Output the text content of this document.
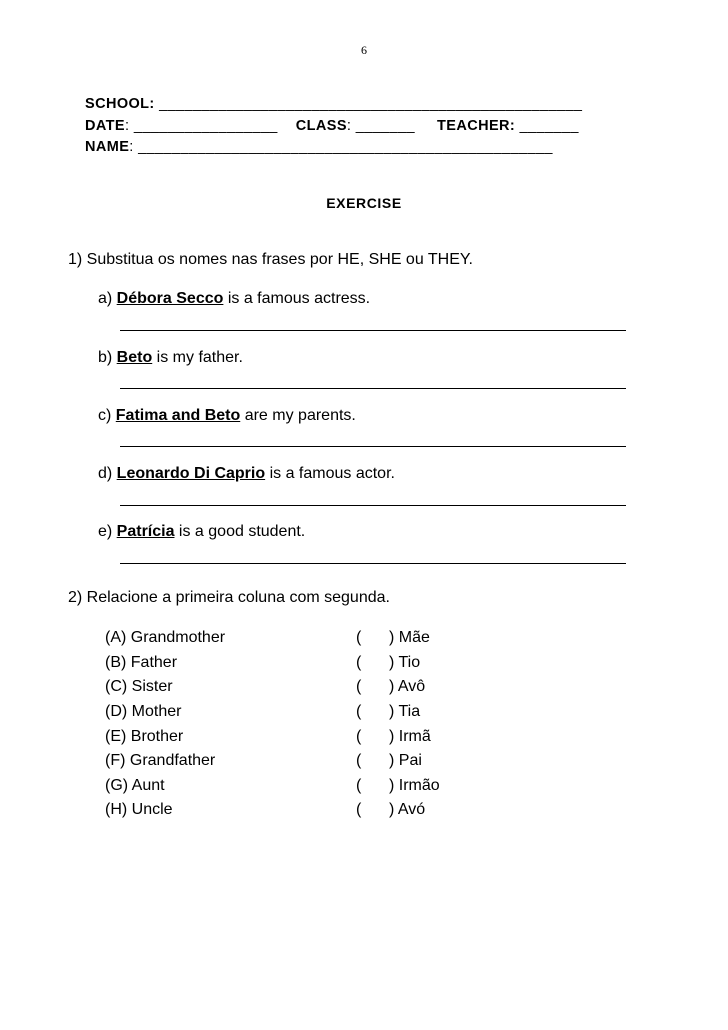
6
SCHOOL: __________________________________________________
DATE: _________________ CLASS: _______ TEACHER: _______
NAME: _________________________________________________
EXERCISE
1) Substitua os nomes nas frases por HE, SHE ou THEY.
a) Débora Secco is a famous actress.
b) Beto is my father.
c) Fatima and Beto are my parents.
d) Leonardo Di Caprio is a famous actor.
e) Patrícia is a good student.
2) Relacione a primeira coluna com segunda.
(A) Grandmother	( ) Mãe
(B) Father	( ) Tio
(C) Sister	( ) Avô
(D) Mother	( ) Tia
(E) Brother	( ) Irmã
(F) Grandfather	( ) Pai
(G) Aunt	( ) Irmão
(H) Uncle	( ) Avó
